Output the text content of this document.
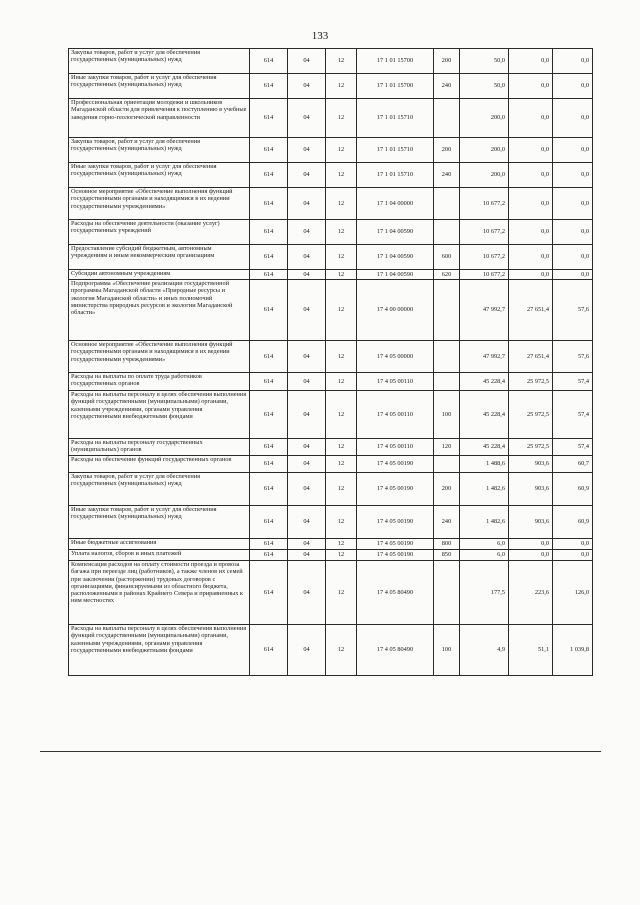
133
Закупка товаров, работ и услуг для обеспечения государственных (муниципальных) нужд	614	04	12	17 1 01 15700	200	50,0	0,0	0,0
Иные закупки товаров, работ и услуг для обеспечения государственных (муниципальных) нужд	614	04	12	17 1 01 15700	240	50,0	0,0	0,0
Профессиональная ориентация молодежи и школьников Магаданской области для привлечения к поступлению в учебные заведения горно-геологической направленности	614	04	12	17 1 01 15710		200,0	0,0	0,0
Закупка товаров, работ и услуг для обеспечения государственных (муниципальных) нужд	614	04	12	17 1 01 15710	200	200,0	0,0	0,0
Иные закупки товаров, работ и услуг для обеспечения государственных (муниципальных) нужд	614	04	12	17 1 01 15710	240	200,0	0,0	0,0
Основное мероприятие «Обеспечение выполнения функций государственными органами и находящимися в их ведении государственными учреждениями»	614	04	12	17 1 04 00000		10 677,2	0,0	0,0
Расходы на обеспечение деятельности (оказание услуг) государственных учреждений	614	04	12	17 1 04 00590		10 677,2	0,0	0,0
Предоставление субсидий бюджетным, автономным учреждениям и иным некоммерческим организациям	614	04	12	17 1 04 00590	600	10 677,2	0,0	0,0
Субсидии автономным учреждениям	614	04	12	17 1 04 00590	620	10 677,2	0,0	0,0
Подпрограмма «Обеспечение реализации государственной программы Магаданской области «Природные ресурсы и экология Магаданской области» и иных полномочий министерства природных ресурсов и экологии Магаданской области»	614	04	12	17 4 00 00000		47 992,7	27 651,4	57,6
Основное мероприятие «Обеспечение выполнения функций государственными органами и находящимися в их ведении государственными учреждениями»	614	04	12	17 4 05 00000		47 992,7	27 651,4	57,6
Расходы на выплаты по оплате труда работников государственных органов	614	04	12	17 4 05 00110		45 228,4	25 972,5	57,4
Расходы на выплаты персоналу в целях обеспечения выполнения функций государственными (муниципальными) органами, казенными учреждениями, органами управления государственными внебюджетными фондами	614	04	12	17 4 05 00110	100	45 228,4	25 972,5	57,4
Расходы на выплаты персоналу государственных (муниципальных) органов	614	04	12	17 4 05 00110	120	45 228,4	25 972,5	57,4
Расходы на обеспечение функций государственных органов	614	04	12	17 4 05 00190		1 488,6	903,6	60,7
Закупка товаров, работ и услуг для обеспечения государственных (муниципальных) нужд	614	04	12	17 4 05 00190	200	1 482,6	903,6	60,9
Иные закупки товаров, работ и услуг для обеспечения государственных (муниципальных) нужд	614	04	12	17 4 05 00190	240	1 482,6	903,6	60,9
Иные бюджетные ассигнования	614	04	12	17 4 05 00190	800	6,0	0,0	0,0
Уплата налогов, сборов и иных платежей	614	04	12	17 4 05 00190	850	6,0	0,0	0,0
Компенсация расходов на оплату стоимости проезда и провоза багажа при переезде лиц (работников), а также членов их семей при заключении (расторжении) трудовых договоров с организациями, финансируемыми из областного бюджета, расположенными в районах Крайнего Севера и приравненных к ним местностях	614	04	12	17 4 05 80490		177,5	223,6	126,0
Расходы на выплаты персоналу в целях обеспечения выполнения функций государственными (муниципальными) органами, казенными учреждениями, органами управления государственными внебюджетными фондами	614	04	12	17 4 05 80490	100	4,9	51,1	1 039,8
